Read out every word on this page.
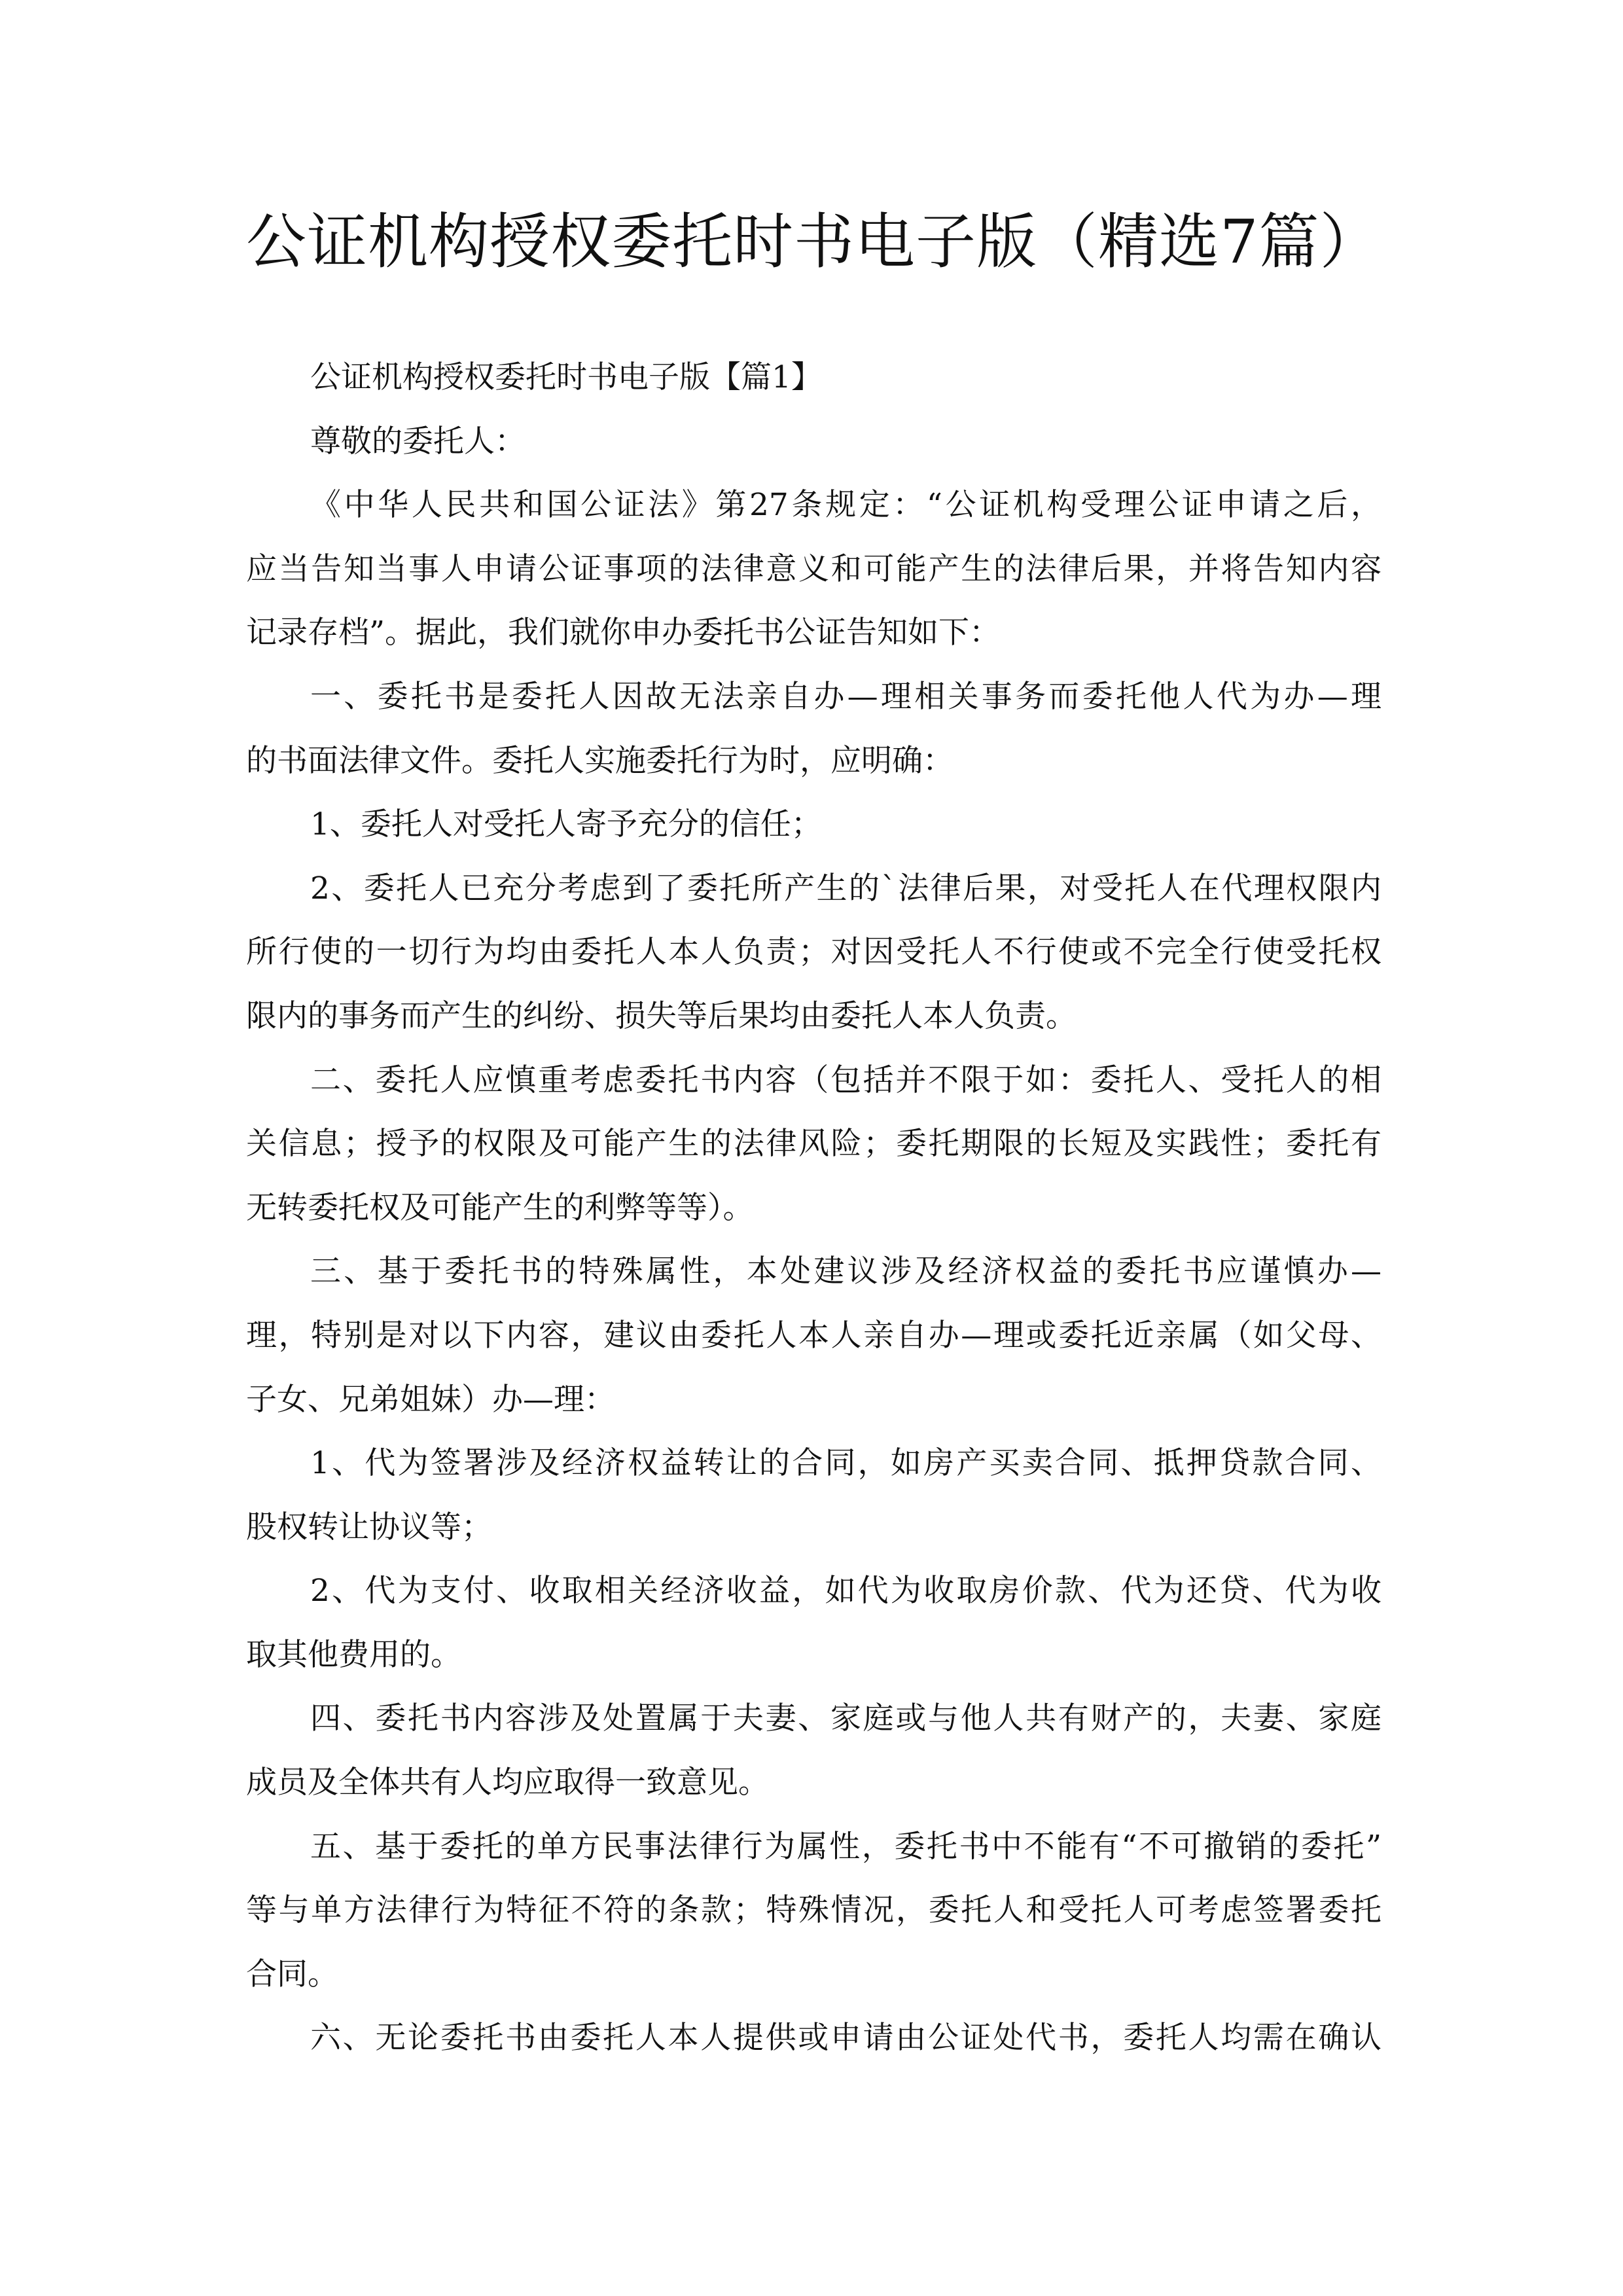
公证机构授权委托时书电子版（精选7篇）
公证机构授权委托时书电子版【篇1】
尊敬的委托人：
《中华人民共和国公证法》第27条规定：“公证机构受理公证申请之后，
应当告知当事人申请公证事项的法律意义和可能产生的法律后果，并将告知内容
记录存档”。据此，我们就你申办委托书公证告知如下：
一、委托书是委托人因故无法亲自办—理相关事务而委托他人代为办—理
的书面法律文件。委托人实施委托行为时，应明确：
1、委托人对受托人寄予充分的信任；
2、委托人已充分考虑到了委托所产生的`法律后果，对受托人在代理权限内
所行使的一切行为均由委托人本人负责；对因受托人不行使或不完全行使受托权
限内的事务而产生的纠纷、损失等后果均由委托人本人负责。
二、委托人应慎重考虑委托书内容（包括并不限于如：委托人、受托人的相
关信息；授予的权限及可能产生的法律风险；委托期限的长短及实践性；委托有
无转委托权及可能产生的利弊等等）。
三、基于委托书的特殊属性，本处建议涉及经济权益的委托书应谨慎办—
理，特别是对以下内容，建议由委托人本人亲自办—理或委托近亲属（如父母、
子女、兄弟姐妹）办—理：
1、代为签署涉及经济权益转让的合同，如房产买卖合同、抵押贷款合同、
股权转让协议等；
2、代为支付、收取相关经济收益，如代为收取房价款、代为还贷、代为收
取其他费用的。
四、委托书内容涉及处置属于夫妻、家庭或与他人共有财产的，夫妻、家庭
成员及全体共有人均应取得一致意见。
五、基于委托的单方民事法律行为属性，委托书中不能有“不可撤销的委托”
等与单方法律行为特征不符的条款；特殊情况，委托人和受托人可考虑签署委托
合同。
六、无论委托书由委托人本人提供或申请由公证处代书，委托人均需在确认
